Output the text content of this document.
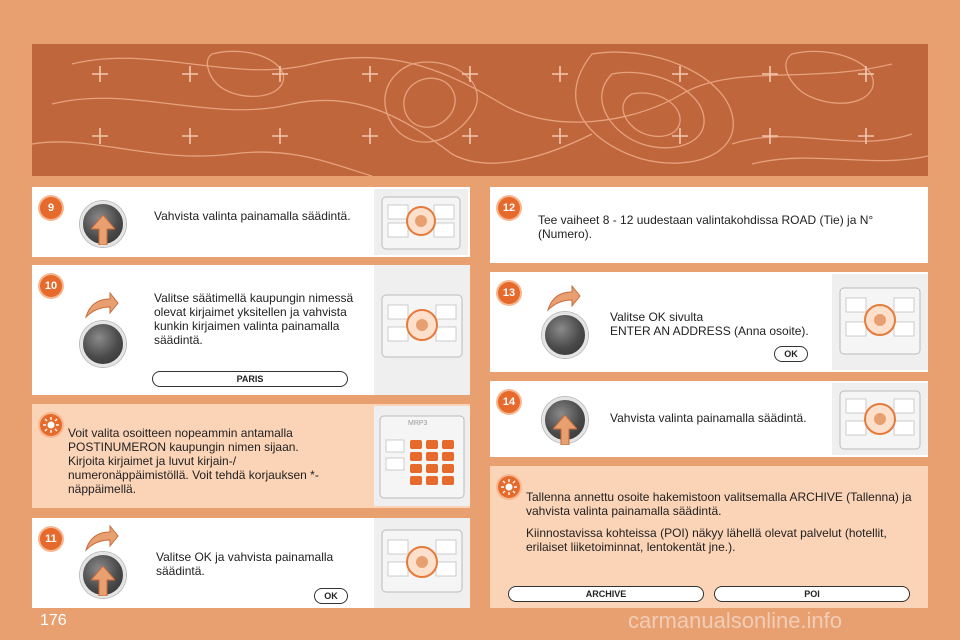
9
Vahvista valinta painamalla säädintä.
10
Valitse säätimellä kaupungin nimessä olevat kirjaimet yksitellen ja vahvista kunkin kirjaimen valinta painamalla säädintä.
PARIS
Voit valita osoitteen nopeammin antamalla POSTINUMERON kaupungin nimen sijaan. Kirjoita kirjaimet ja luvut kirjain-/ numeronäppäimistöllä. Voit tehdä korjauksen *-näppäimellä.
MRP3
11
Valitse OK ja vahvista painamalla säädintä.
OK
12
Tee vaiheet 8 - 12 uudestaan valintakohdissa ROAD (Tie) ja N° (Numero).
13
Valitse OK sivulta
ENTER AN ADDRESS (Anna osoite).
OK
14
Vahvista valinta painamalla säädintä.

Tallenna annettu osoite hakemistoon valitsemalla ARCHIVE (Tallenna) ja vahvista valinta painamalla säädintä.

Kiinnostavissa kohteissa (POI) näkyy lähellä olevat palvelut (hotellit, erilaiset liiketoiminnat, lentokentät jne.).

ARCHIVE	POI
176	carmanualsonline.info
